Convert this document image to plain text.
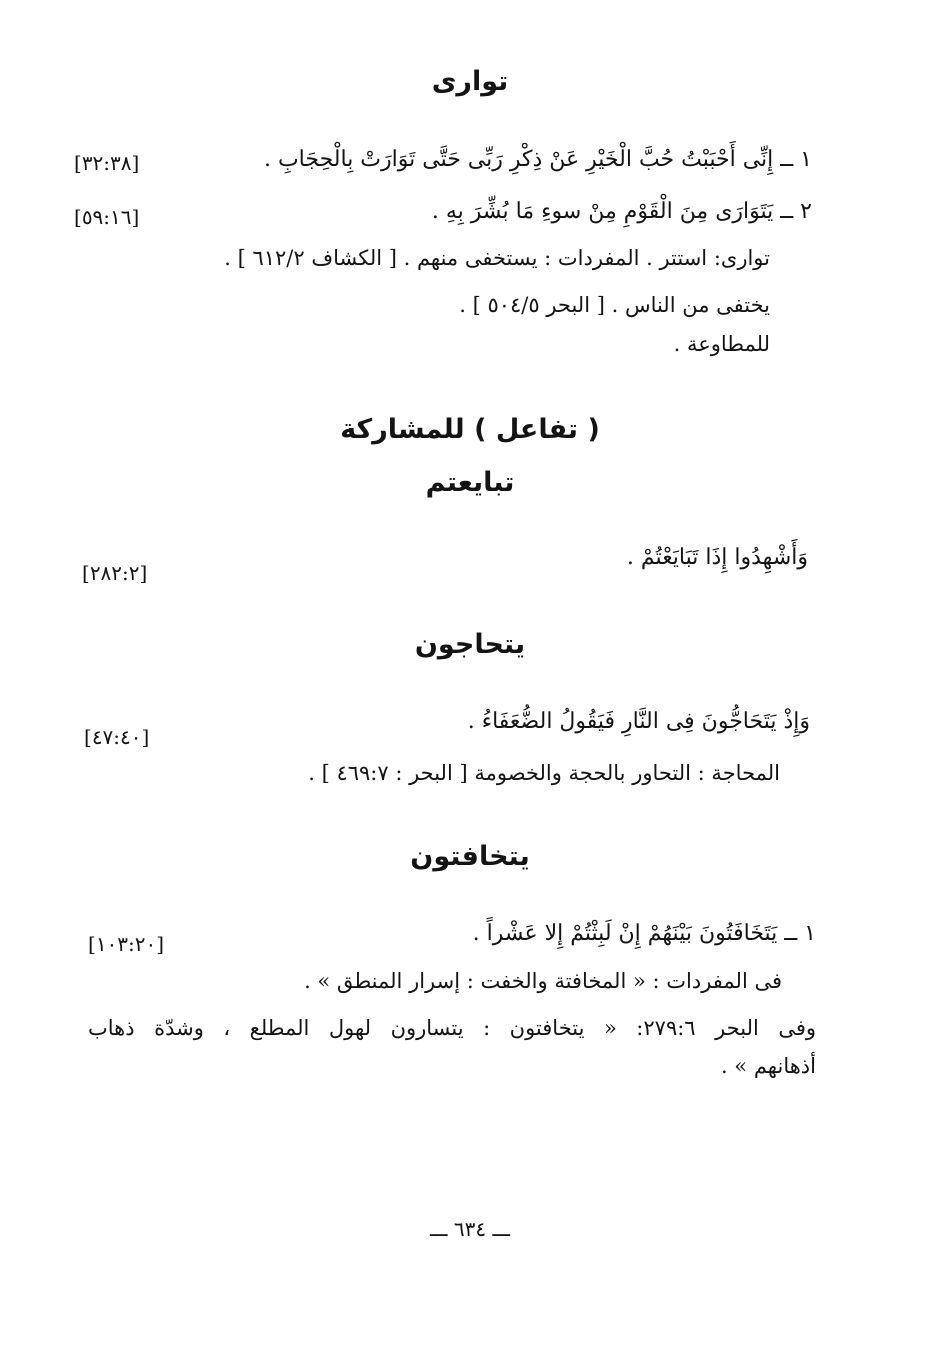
توارى
١ ــ إِنِّى أَحْبَبْتُ حُبَّ الْخَيْرِ عَنْ ذِكْرِ رَبِّى حَتَّى تَوَارَتْ بِالْحِجَابِ .
[٣٢:٣٨]
٢ ــ يَتَوَارَى مِنَ الْقَوْمِ مِنْ سوءِ مَا بُشِّرَ بِهِ .
[٥٩:١٦]
توارى: استتر . المفردات : يستخفى منهم . [ الكشاف ٦١٢/٢ ] .
يختفى من الناس . [ البحر ٥٠٤/٥ ] .
للمطاوعة .
( تفاعل ) للمشاركة
تبايعتم
وَأَشْهِدُوا إِذَا تَبَايَعْتُمْ .
[٢٨٢:٢]
يتحاجون
وَإِذْ يَتَحَاجُّونَ فِى النَّارِ فَيَقُولُ الضُّعَفَاءُ .
[٤٧:٤٠]
المحاجة : التحاور بالحجة والخصومة [ البحر : ٤٦٩:٧ ] .
يتخافتون
١ ــ يَتَخَافَتُونَ بَيْنَهُمْ إِنْ لَبِثْتُمْ إِلا عَشْراً .
[١٠٣:٢٠]
فى المفردات : « المخافتة والخفت : إسرار المنطق » .
وفى البحر ٢٧٩:٦: « يتخافتون : يتسارون لهول المطلع ، وشدّة ذهاب
أذهانهم » .
ـــ ٦٣٤ ـــ
